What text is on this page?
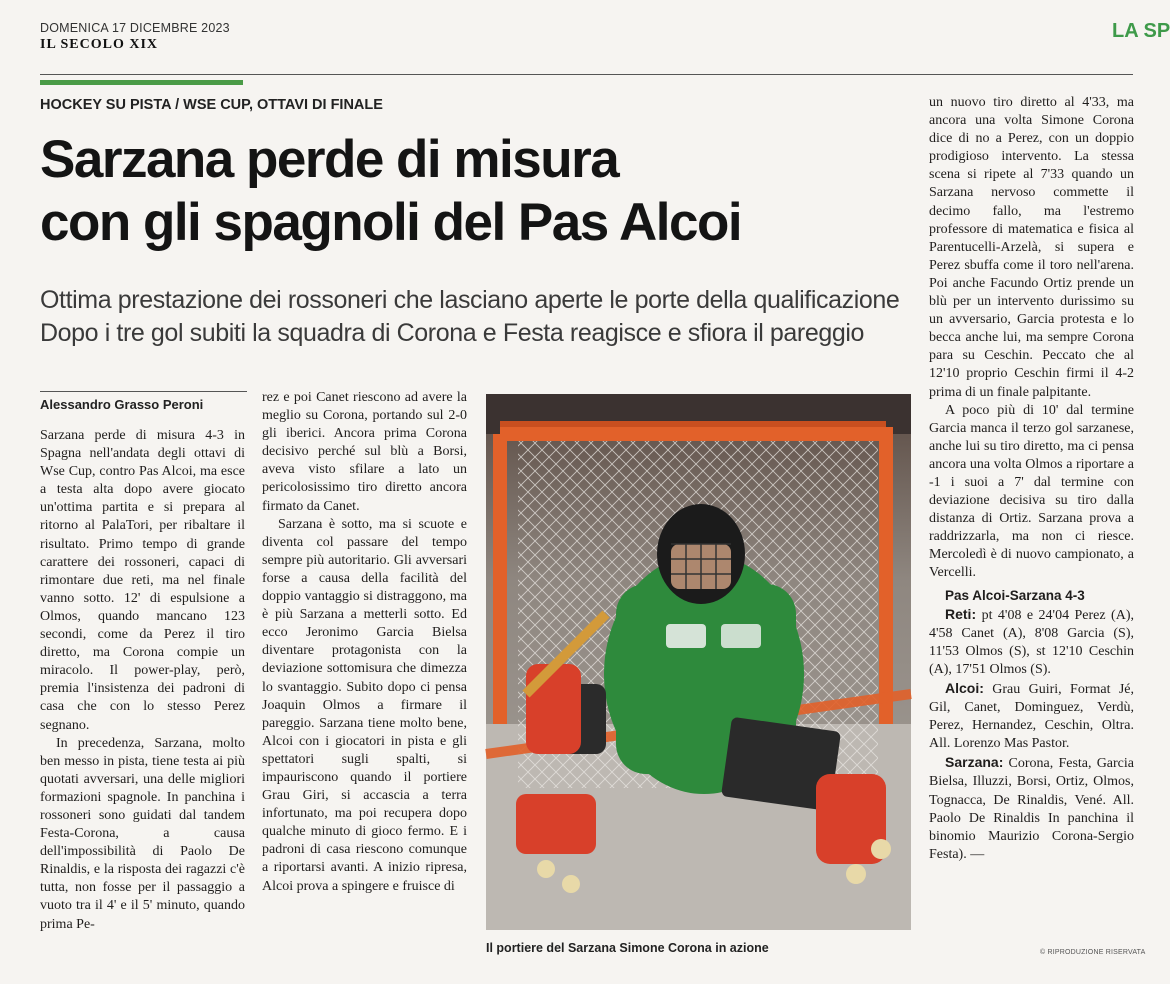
DOMENICA 17 DICEMBRE 2023
IL SECOLO XIX
LA SP
HOCKEY SU PISTA / WSE CUP, OTTAVI DI FINALE
Sarzana perde di misura
con gli spagnoli del Pas Alcoi
Ottima prestazione dei rossoneri che lasciano aperte le porte della qualificazione
Dopo i tre gol subiti la squadra di Corona e Festa reagisce e sfiora il pareggio
Alessandro Grasso Peroni

Sarzana perde di misura 4-3 in Spagna nell'andata degli ottavi di Wse Cup, contro Pas Alcoi, ma esce a testa alta dopo avere giocato un'ottima partita e si prepara al ritorno al PalaTori, per ribaltare il risultato. Primo tempo di grande carattere dei rossoneri, capaci di rimontare due reti, ma nel finale vanno sotto. 12' di espulsione a Olmos, quando mancano 123 secondi, come da Perez il tiro diretto, ma Corona compie un miracolo. Il power-play, però, premia l'insistenza dei padroni di casa che con lo stesso Perez segnano.

In precedenza, Sarzana, molto ben messo in pista, tiene testa ai più quotati avversari, una delle migliori formazioni spagnole. In panchina i rossoneri sono guidati dal tandem Festa-Corona, a causa dell'impossibilità di Paolo De Rinaldis, e la risposta dei ragazzi c'è tutta, non fosse per il passaggio a vuoto tra il 4' e il 5' minuto, quando prima Pe-

rez e poi Canet riescono ad avere la meglio su Corona, portando sul 2-0 gli iberici. Ancora prima Corona decisivo perché sul blù a Borsi, aveva visto sfilare a lato un pericolosissimo tiro diretto ancora firmato da Canet.

Sarzana è sotto, ma si scuote e diventa col passare del tempo sempre più autoritario. Gli avversari forse a causa della facilità del doppio vantaggio si distraggono, ma è più Sarzana a metterli sotto. Ed ecco Jeronimo Garcia Bielsa diventare protagonista con la deviazione sottomisura che dimezza lo svantaggio. Subito dopo ci pensa Joaquin Olmos a firmare il pareggio. Sarzana tiene molto bene, Alcoi con i giocatori in pista e gli spettatori sugli spalti, si impauriscono quando il portiere Grau Giri, si accascia a terra infortunato, ma poi recupera dopo qualche minuto di gioco fermo. E i padroni di casa riescono comunque a riportarsi avanti. A inizio ripresa, Alcoi prova a spingere e fruisce di

Il portiere del Sarzana Simone Corona in azione

un nuovo tiro diretto al 4'33, ma ancora una volta Simone Corona dice di no a Perez, con un doppio prodigioso intervento. La stessa scena si ripete al 7'33 quando un Sarzana nervoso commette il decimo fallo, ma l'estremo professore di matematica e fisica al Parentucelli-Arzelà, si supera e Perez sbuffa come il toro nell'arena. Poi anche Facundo Ortiz prende un blù per un intervento durissimo su un avversario, Garcia protesta e lo becca anche lui, ma sempre Corona para su Ceschin. Peccato che al 12'10 proprio Ceschin firmi il 4-2 prima di un finale palpitante.

A poco più di 10' dal termine Garcia manca il terzo gol sarzanese, anche lui su tiro diretto, ma ci pensa ancora una volta Olmos a riportare a -1 i suoi a 7' dal termine con deviazione decisiva su tiro dalla distanza di Ortiz. Sarzana prova a raddrizzarla, ma non ci riesce. Mercoledì è di nuovo campionato, a Vercelli.

Pas Alcoi-Sarzana 4-3

Reti: pt 4'08 e 24'04 Perez (A), 4'58 Canet (A), 8'08 Garcia (S), 11'53 Olmos (S), st 12'10 Ceschin (A), 17'51 Olmos (S).

Alcoi: Grau Guiri, Format Jé, Gil, Canet, Dominguez, Verdù, Perez, Hernandez, Ceschin, Oltra. All. Lorenzo Mas Pastor.

Sarzana: Corona, Festa, Garcia Bielsa, Illuzzi, Borsi, Ortiz, Olmos, Tognacca, De Rinaldis, Vené. All. Paolo De Rinaldis In panchina il binomio Maurizio Corona-Sergio Festa). —

© RIPRODUZIONE RISERVATA
